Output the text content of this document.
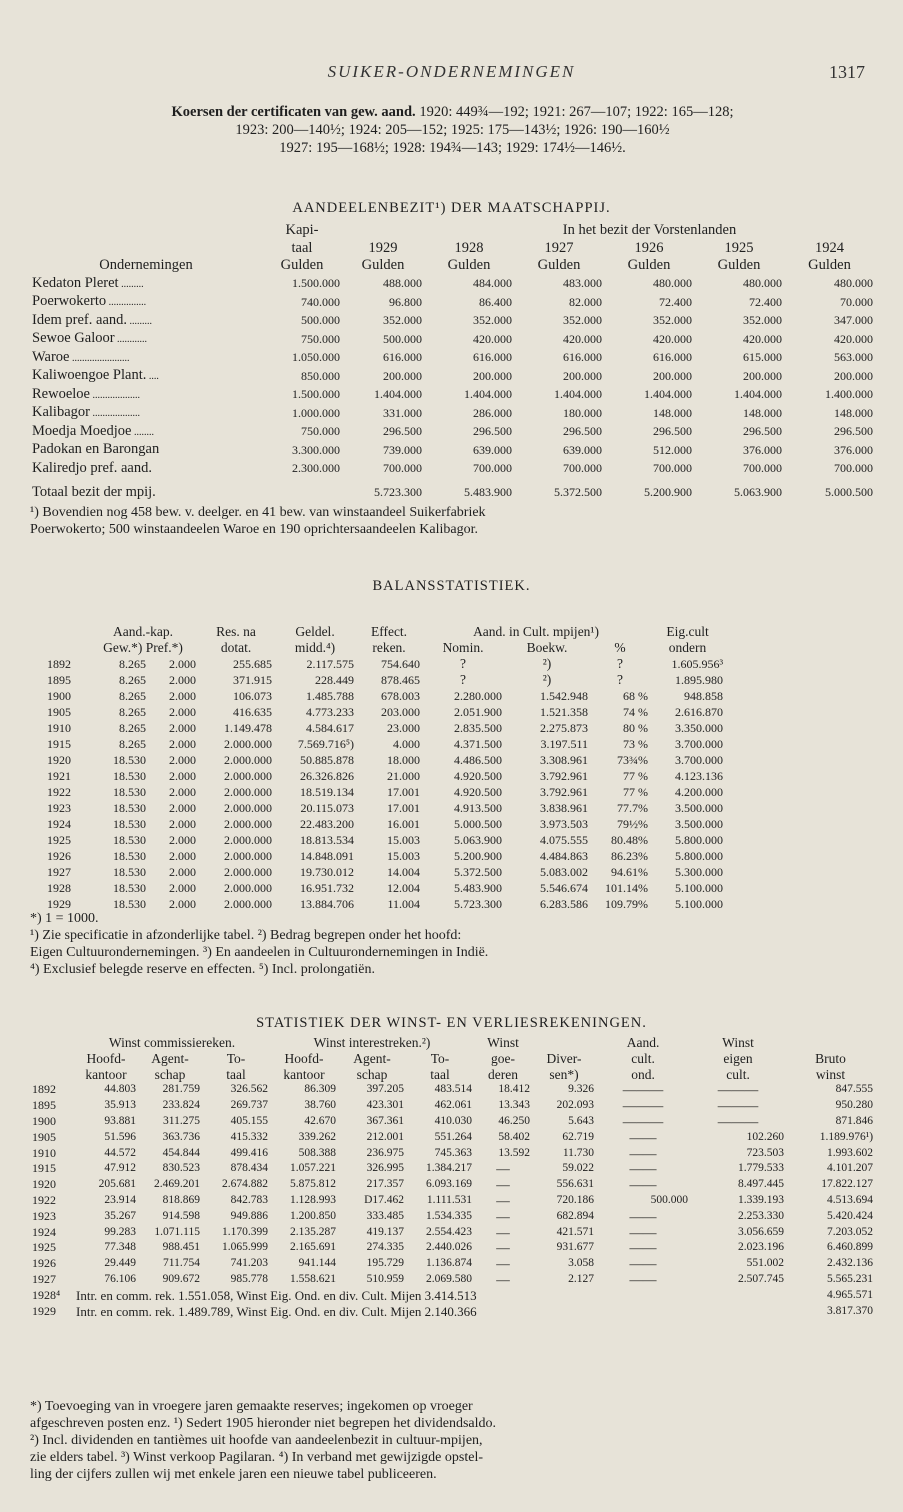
SUIKER-ONDERNEMINGEN	1317
Koersen der certificaten van gew. aand. 1920: 449¾—192; 1921: 267—107; 1922: 165—128;
1923: 200—140½; 1924: 205—152; 1925: 175—143½; 1926: 190—160½
1927: 195—168½; 1928: 194¾—143; 1929: 174½—146½.
AANDEELENBEZIT¹) DER MAATSCHAPPIJ.
	Kapi-		In het bezit der Vorstenlanden				
	taal	1929	1928	1927	1926	1925	1924
Ondernemingen	Gulden	Gulden	Gulden	Gulden	Gulden	Gulden	Gulden
Kedaton Pleret .........	1.500.000	488.000	484.000	483.000	480.000	480.000	480.000
Poerwokerto ...............	740.000	96.800	86.400	82.000	72.400	72.400	70.000
Idem pref. aand. .........	500.000	352.000	352.000	352.000	352.000	352.000	347.000
Sewoe Galoor ............	750.000	500.000	420.000	420.000	420.000	420.000	420.000
Waroe .......................	1.050.000	616.000	616.000	616.000	616.000	615.000	563.000
Kaliwoengoe Plant. ....	850.000	200.000	200.000	200.000	200.000	200.000	200.000
Rewoeloe ...................	1.500.000	1.404.000	1.404.000	1.404.000	1.404.000	1.404.000	1.400.000
Kalibagor ...................	1.000.000	331.000	286.000	180.000	148.000	148.000	148.000
Moedja Moedjoe ........	750.000	296.500	296.500	296.500	296.500	296.500	296.500
Padokan en Barongan	3.300.000	739.000	639.000	639.000	512.000	376.000	376.000
Kaliredjo pref. aand.	2.300.000	700.000	700.000	700.000	700.000	700.000	700.000
Totaal bezit der mpij.		5.723.300	5.483.900	5.372.500	5.200.900	5.063.900	5.000.500
¹) Bovendien nog 458 bew. v. deelger. en 41 bew. van winstaandeel Suikerfabriek
Poerwokerto; 500 winstaandeelen Waroe en 190 oprichtersaandeelen Kalibagor.
BALANSSTATISTIEK.
	Aand.-kap.		Res. na	Geldel.	Effect.	Aand. in Cult. mpijen¹)			Eig.cult	
	Gew.*) Pref.*)		dotat.	midd.⁴)	reken.	Nomin.	Boekw.	%	ondern	
1892	8.265	2.000	255.685	2.117.575	754.640	?	²)	?	1.605.956³	
1895	8.265	2.000	371.915	228.449	878.465	?	²)	?	1.895.980	
1900	8.265	2.000	106.073	1.485.788	678.003	2.280.000	1.542.948	68 %	948.858	
1905	8.265	2.000	416.635	4.773.233	203.000	2.051.900	1.521.358	74 %	2.616.870	
1910	8.265	2.000	1.149.478	4.584.617	23.000	2.835.500	2.275.873	80 %	3.350.000	
1915	8.265	2.000	2.000.000	7.569.716⁵)	4.000	4.371.500	3.197.511	73 %	3.700.000	
1920	18.530	2.000	2.000.000	50.885.878	18.000	4.486.500	3.308.961	73¾%	3.700.000	
1921	18.530	2.000	2.000.000	26.326.826	21.000	4.920.500	3.792.961	77 %	4.123.136	
1922	18.530	2.000	2.000.000	18.519.134	17.001	4.920.500	3.792.961	77 %	4.200.000	
1923	18.530	2.000	2.000.000	20.115.073	17.001	4.913.500	3.838.961	77.7%	3.500.000	
1924	18.530	2.000	2.000.000	22.483.200	16.001	5.000.500	3.973.503	79½%	3.500.000	
1925	18.530	2.000	2.000.000	18.813.534	15.003	5.063.900	4.075.555	80.48%	5.800.000	
1926	18.530	2.000	2.000.000	14.848.091	15.003	5.200.900	4.484.863	86.23%	5.800.000	
1927	18.530	2.000	2.000.000	19.730.012	14.004	5.372.500	5.083.002	94.61%	5.300.000	
1928	18.530	2.000	2.000.000	16.951.732	12.004	5.483.900	5.546.674	101.14%	5.100.000	
1929	18.530	2.000	2.000.000	13.884.706	11.004	5.723.300	6.283.586	109.79%	5.100.000	
*) 1 = 1000.
¹) Zie specificatie in afzonderlijke tabel. ²) Bedrag begrepen onder het hoofd:
Eigen Cultuurondernemingen. ³) En aandeelen in Cultuurondernemingen in Indië.
⁴) Exclusief belegde reserve en effecten. ⁵) Incl. prolongatiën.
STATISTIEK DER WINST- EN VERLIESREKENINGEN.
	Winst commissiereken.			Winst interestreken.²)			Winst		Aand.	Winst	
	Hoofd-	Agent-	To-	Hoofd-	Agent-	To-	goe-	Diver-	cult.	eigen	Bruto
	kantoor	schap	taal	kantoor	schap	taal	deren	sen*)	ond.	cult.	winst
1892	44.803	281.759	326.562	86.309	397.205	483.514	18.412	9.326	———	———	847.555
1895	35.913	233.824	269.737	38.760	423.301	462.061	13.343	202.093	———	———	950.280
1900	93.881	311.275	405.155	42.670	367.361	410.030	46.250	5.643	———	———	871.846
1905	51.596	363.736	415.332	339.262	212.001	551.264	58.402	62.719	——	102.260	1.189.976¹)
1910	44.572	454.844	499.416	508.388	236.975	745.363	13.592	11.730	——	723.503	1.993.602
1915	47.912	830.523	878.434	1.057.221	326.995	1.384.217	—	59.022	——	1.779.533	4.101.207
1920	205.681	2.469.201	2.674.882	5.875.812	217.357	6.093.169	—	556.631	——	8.497.445	17.822.127
1922	23.914	818.869	842.783	1.128.993	D17.462	1.111.531	—	720.186	500.000	1.339.193	4.513.694
1923	35.267	914.598	949.886	1.200.850	333.485	1.534.335	—	682.894	——	2.253.330	5.420.424
1924	99.283	1.071.115	1.170.399	2.135.287	419.137	2.554.423	—	421.571	——	3.056.659	7.203.052
1925	77.348	988.451	1.065.999	2.165.691	274.335	2.440.026	—	931.677	——	2.023.196	6.460.899
1926	29.449	711.754	741.203	941.144	195.729	1.136.874	—	3.058	——	551.002	2.432.136
1927	76.106	909.672	985.778	1.558.621	510.959	2.069.580	—	2.127	——	2.507.745	5.565.231
1928⁴	Intr. en comm. rek. 1.551.058, Winst Eig. Ond. en div. Cult. Mijen 3.414.513										4.965.571
1929	Intr. en comm. rek. 1.489.789, Winst Eig. Ond. en div. Cult. Mijen 2.140.366										3.817.370
*) Toevoeging van in vroegere jaren gemaakte reserves; ingekomen op vroeger
afgeschreven posten enz. ¹) Sedert 1905 hieronder niet begrepen het dividendsaldo.
²) Incl. dividenden en tantièmes uit hoofde van aandeelenbezit in cultuur-mpijen,
zie elders tabel. ³) Winst verkoop Pagilaran. ⁴) In verband met gewijzigde opstel-
ling der cijfers zullen wij met enkele jaren een nieuwe tabel publiceeren.
